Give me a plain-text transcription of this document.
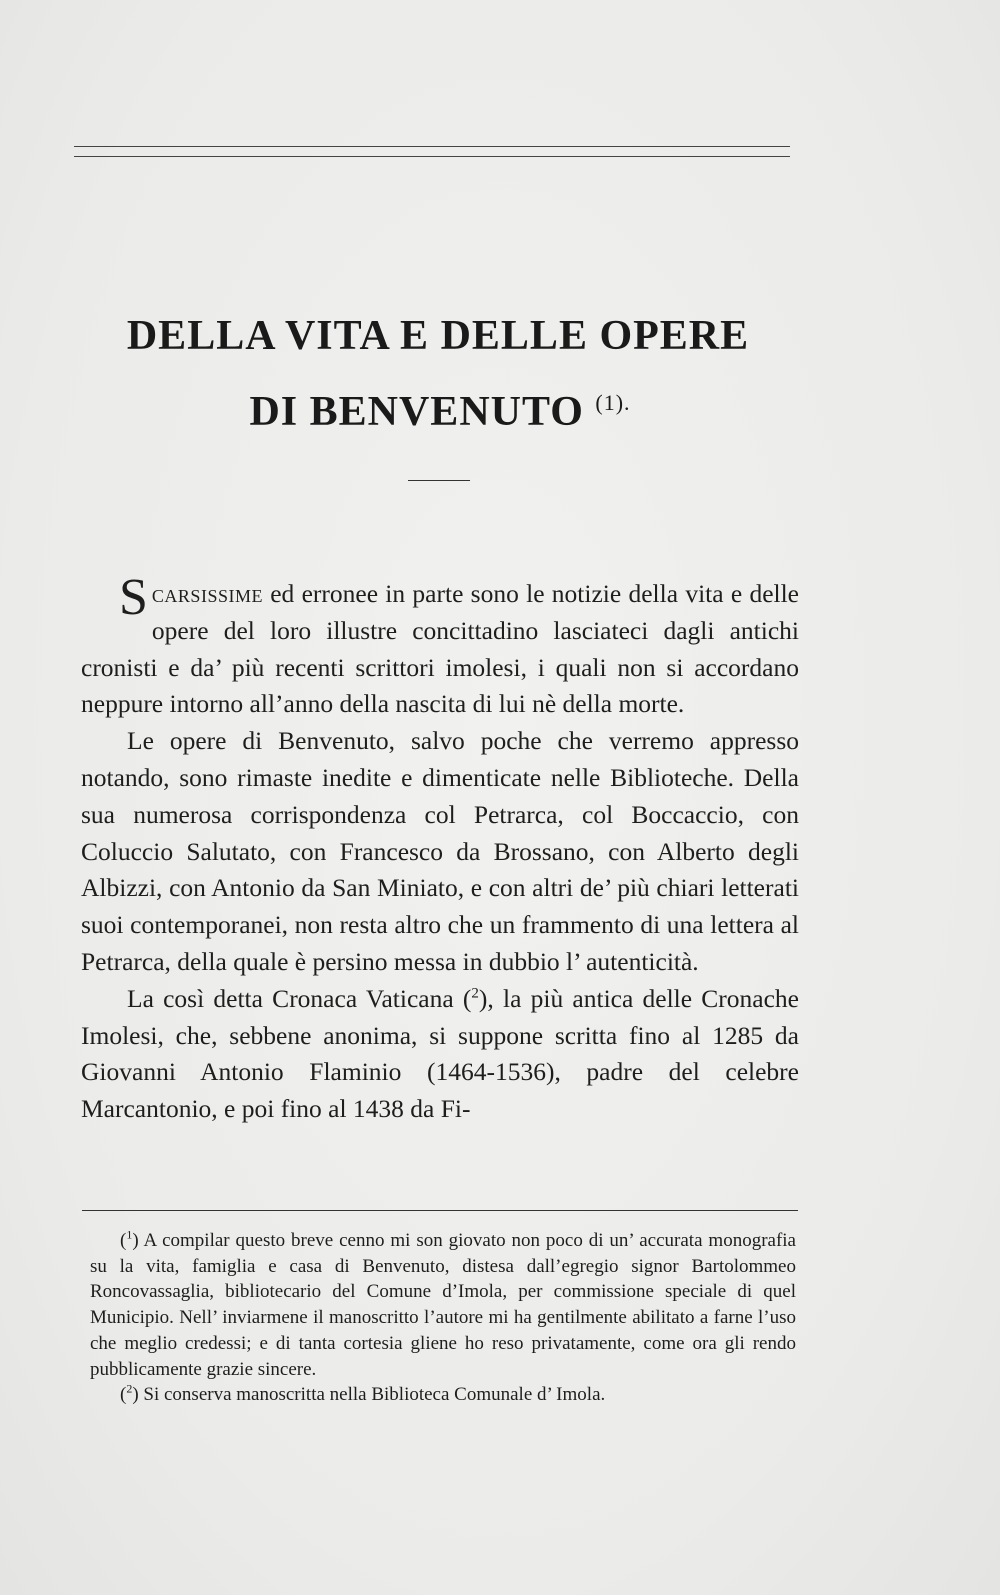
DELLA VITA E DELLE OPERE
DI BENVENUTO $^{(1).}$

Scarsissime ed erronee in parte sono le notizie della vita e delle opere del loro illustre concittadino lasciateci dagli antichi cronisti e da’ più recenti scrittori imolesi, i quali non si accordano neppure intorno all’anno della nascita di lui nè della morte.

Le opere di Benvenuto, salvo poche che verremo appresso notando, sono rimaste inedite e dimenticate nelle Biblioteche. Della sua numerosa corrispondenza col Petrarca, col Boccaccio, con Coluccio Salutato, con Francesco da Brossano, con Alberto degli Albizzi, con Antonio da San Miniato, e con altri de’ più chiari letterati suoi contemporanei, non resta altro che un frammento di una lettera al Petrarca, della quale è persino messa in dubbio l’ autenticità.

La così detta Cronaca Vaticana ($^2$), la più antica delle Cronache Imolesi, che, sebbene anonima, si suppone scritta fino al 1285 da Giovanni Antonio Flaminio (1464-1536), padre del celebre Marcantonio, e poi fino al 1438 da Fi-

($^1$) A compilar questo breve cenno mi son giovato non poco di un’ accurata monografia su la vita, famiglia e casa di Benvenuto, distesa dall’egregio signor Bartolommeo Roncovassaglia, bibliotecario del Comune d’Imola, per commissione speciale di quel Municipio. Nell’ inviarmene il manoscritto l’autore mi ha gentilmente abilitato a farne l’uso che meglio credessi; e di tanta cortesia gliene ho reso privatamente, come ora gli rendo pubblicamente grazie sincere.

($^2$) Si conserva manoscritta nella Biblioteca Comunale d’ Imola.
